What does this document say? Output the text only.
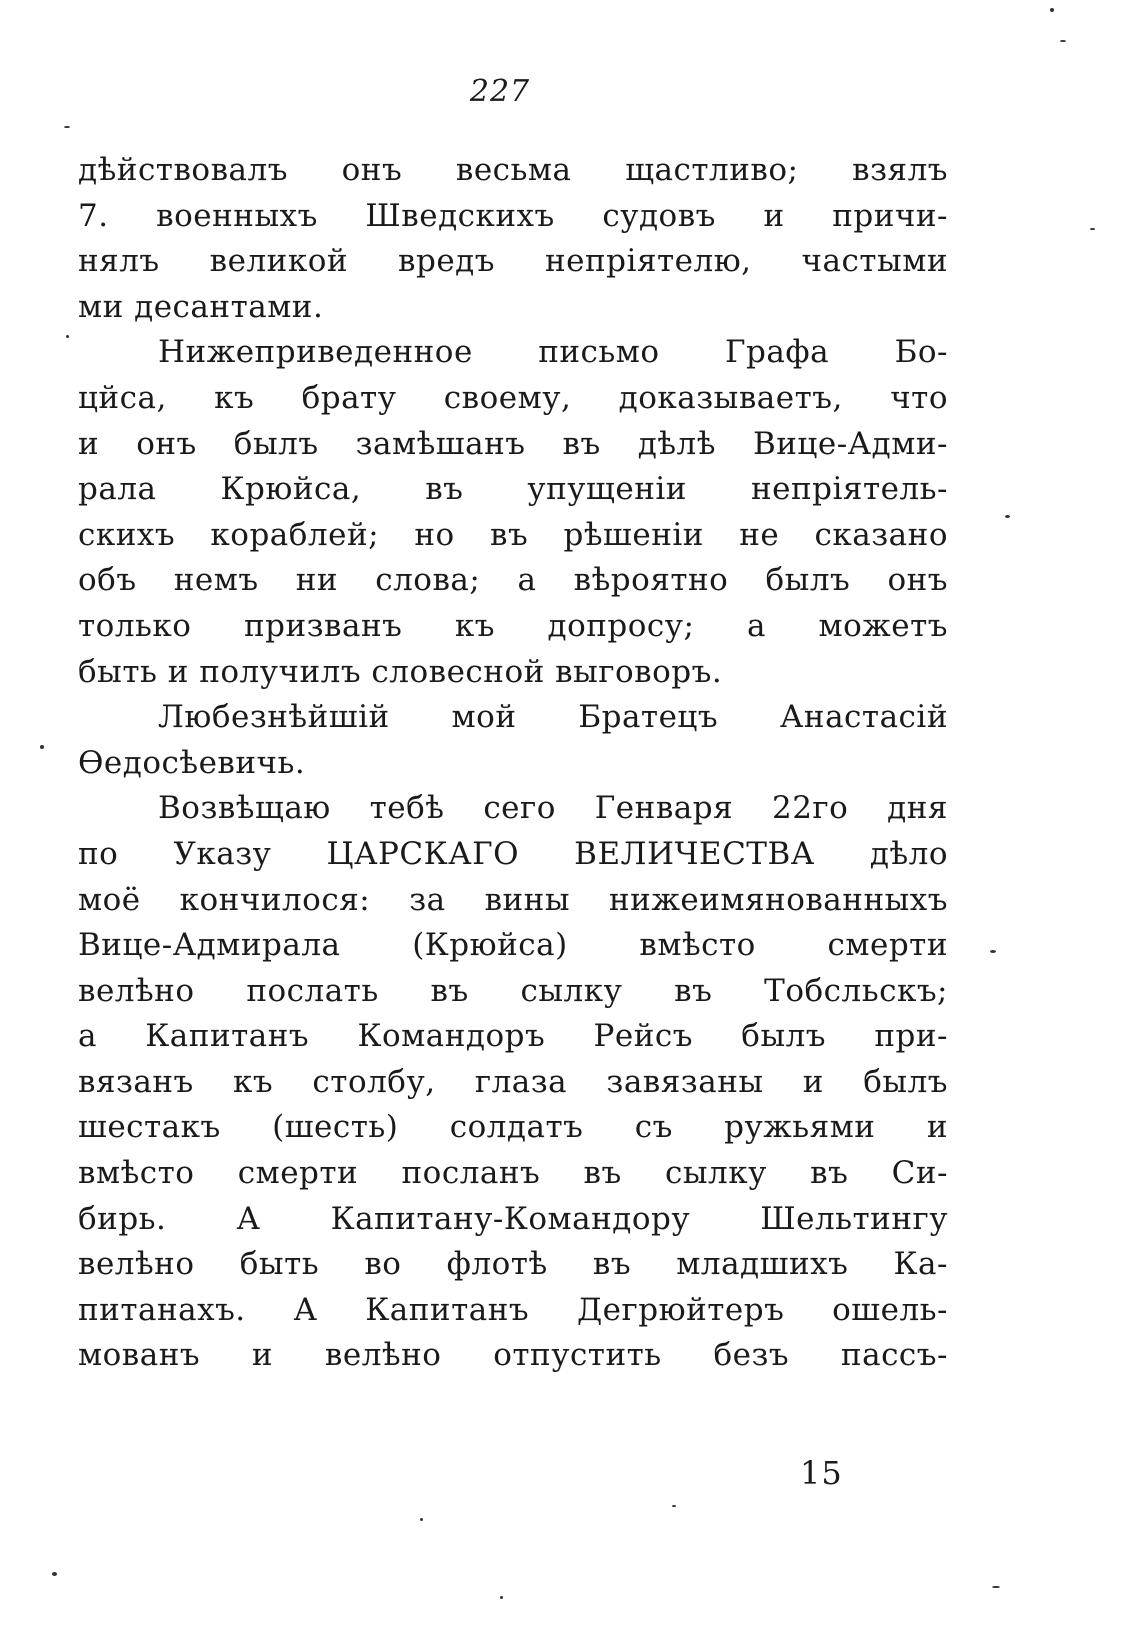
227
дѣйствовалъ онъ весьма щастливо; взялъ
7. военныхъ Шведскихъ судовъ и причи-
нялъ великой вредъ непріятелю, частыми
ми десантами.
Нижеприведенное письмо Графа Бо-
цйса, къ брату своему, доказываетъ, что
и онъ былъ замѣшанъ въ дѣлѣ Вице-Адми-
рала Крюйса, въ упущеніи непріятель-
скихъ кораблей; но въ рѣшеніи не сказано
объ немъ ни слова; а вѣроятно былъ онъ
только призванъ къ допросу; а можетъ
быть и получилъ словесной выговоръ.
Любезнѣйшій мой Братецъ Анастасій
Ѳедосѣевичь.
Возвѣщаю тебѣ сего Генваря 22го дня
по Указу ЦАРСКАГО ВЕЛИЧЕСТВА дѣло
моё кончилося: за вины нижеимянованныхъ
Вице-Адмирала (Крюйса) вмѣсто смерти
велѣно послать въ сылку въ Тобсльскъ;
а Капитанъ Командоръ Рейсъ былъ при-
вязанъ къ столбу, глаза завязаны и былъ
шестакъ (шесть) солдатъ съ ружьями и
вмѣсто смерти посланъ въ сылку въ Си-
бирь. А Капитану-Командору Шельтингу
велѣно быть во флотѣ въ младшихъ Ка-
питанахъ. А Капитанъ Дегрюйтеръ ошель-
мованъ и велѣно отпустить безъ пассъ-
15
